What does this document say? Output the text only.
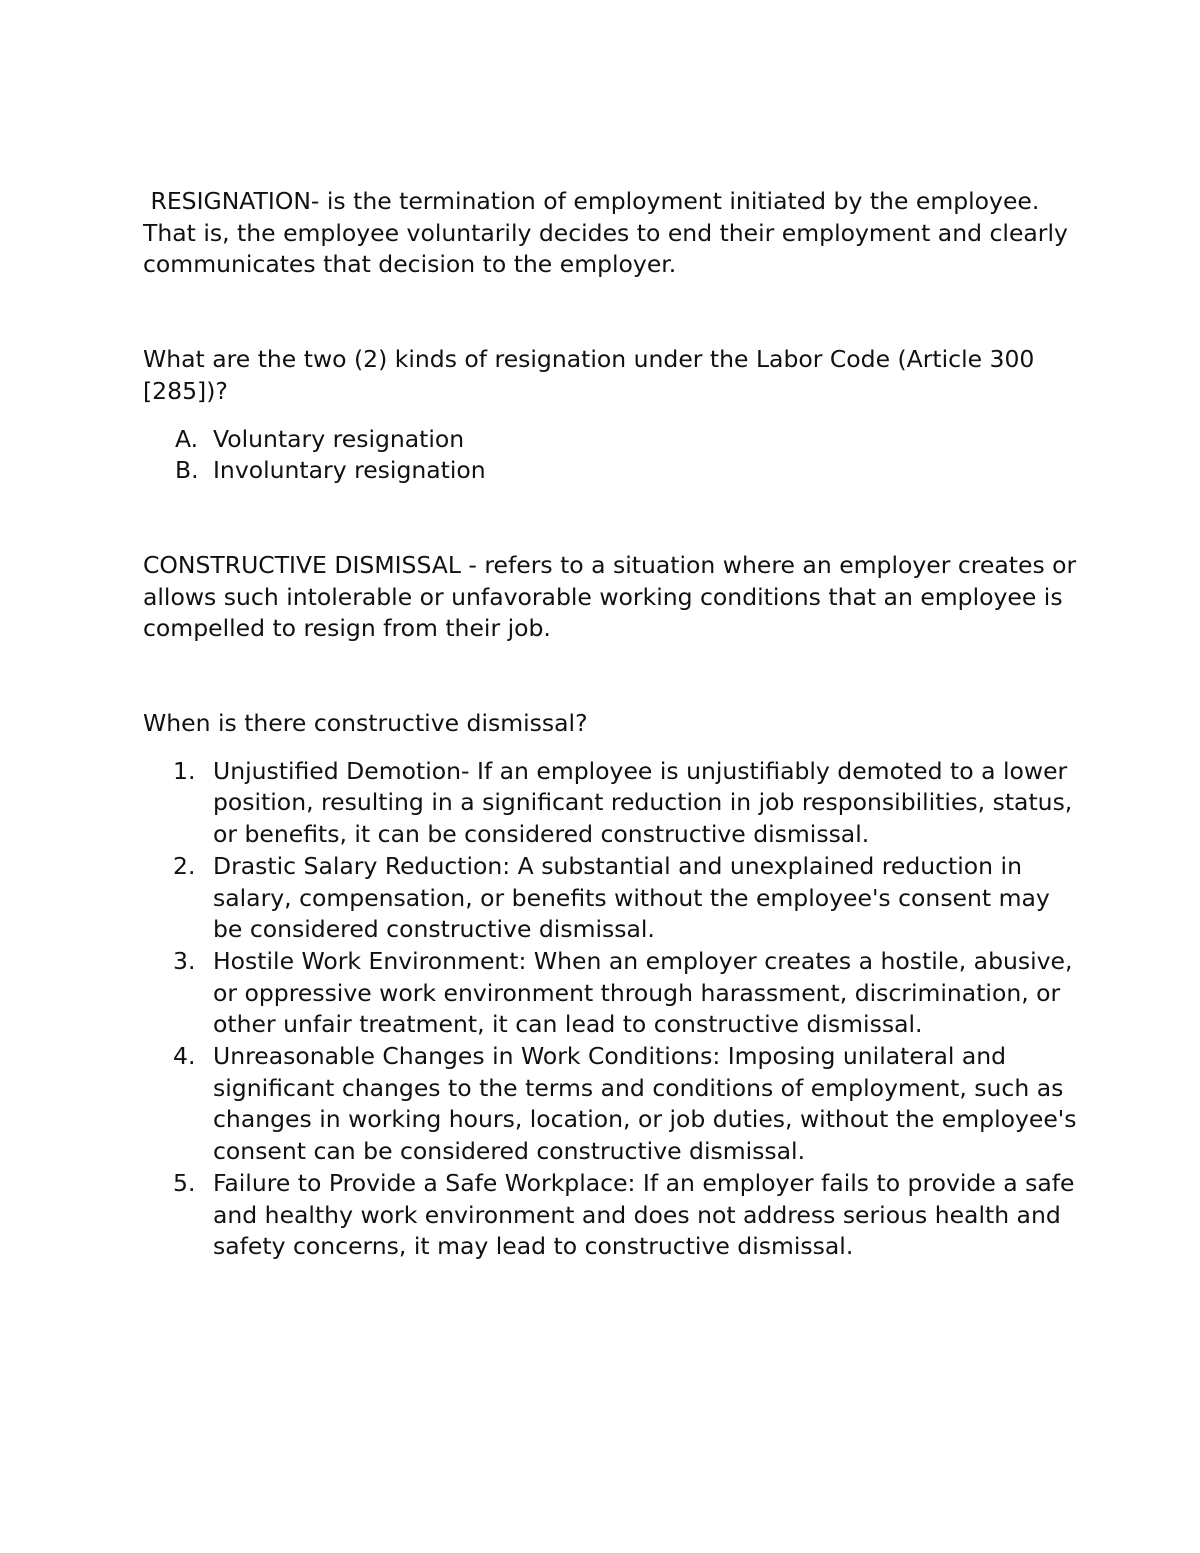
RESIGNATION- is the termination of employment initiated by the employee. That is, the employee voluntarily decides to end their employment and clearly communicates that decision to the employer.

What are the two (2) kinds of resignation under the Labor Code (Article 300 [285])?

A. Voluntary resignation
B. Involuntary resignation

CONSTRUCTIVE DISMISSAL - refers to a situation where an employer creates or allows such intolerable or unfavorable working conditions that an employee is compelled to resign from their job.

When is there constructive dismissal?

1. Unjustified Demotion- If an employee is unjustifiably demoted to a lower position, resulting in a significant reduction in job responsibilities, status, or benefits, it can be considered constructive dismissal.
2. Drastic Salary Reduction: A substantial and unexplained reduction in salary, compensation, or benefits without the employee's consent may be considered constructive dismissal.
3. Hostile Work Environment: When an employer creates a hostile, abusive, or oppressive work environment through harassment, discrimination, or other unfair treatment, it can lead to constructive dismissal.
4. Unreasonable Changes in Work Conditions: Imposing unilateral and significant changes to the terms and conditions of employment, such as changes in working hours, location, or job duties, without the employee's consent can be considered constructive dismissal.
5. Failure to Provide a Safe Workplace: If an employer fails to provide a safe and healthy work environment and does not address serious health and safety concerns, it may lead to constructive dismissal.
